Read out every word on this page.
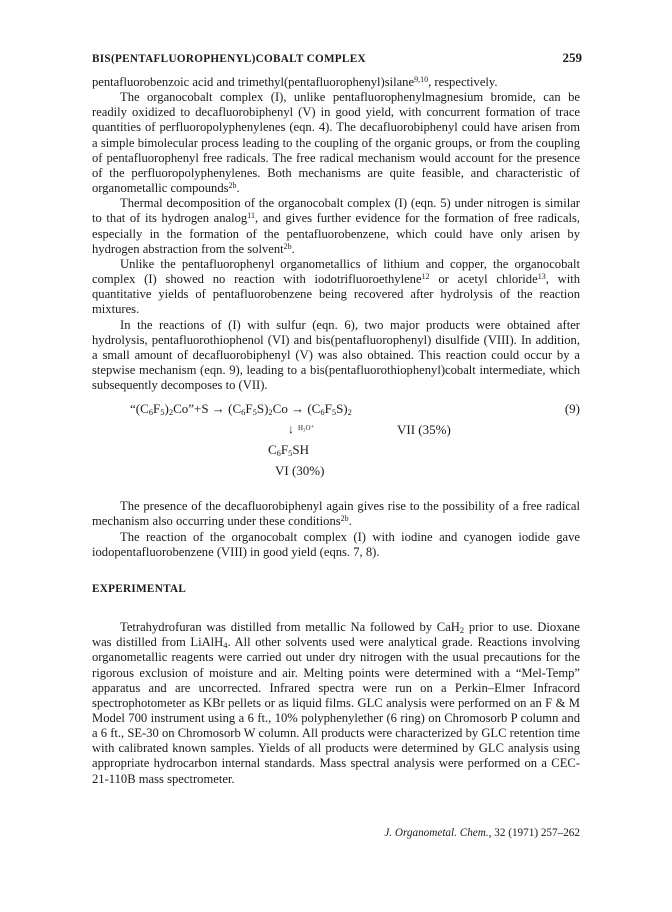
BIS(PENTAFLUOROPHENYL)COBALT COMPLEX	259

pentafluorobenzoic acid and trimethyl(pentafluorophenyl)silane$^{9,10}$, respectively.

The organocobalt complex (I), unlike pentafluorophenylmagnesium bromide, can be readily oxidized to decafluorobiphenyl (V) in good yield, with concurrent formation of trace quantities of perfluoropolyphenylenes (eqn. 4). The decafluorobiphenyl could have arisen from a simple bimolecular process leading to the coupling of the organic groups, or from the coupling of pentafluorophenyl free radicals. The free radical mechanism would account for the presence of the perfluoropolyphenylenes. Both mechanisms are quite feasible, and characteristic of organometallic compounds$^{2b}$.

Thermal decomposition of the organocobalt complex (I) (eqn. 5) under nitrogen is similar to that of its hydrogen analog$^{11}$, and gives further evidence for the formation of free radicals, especially in the formation of the pentafluorobenzene, which could have only arisen by hydrogen abstraction from the solvent$^{2b}$.

Unlike the pentafluorophenyl organometallics of lithium and copper, the organocobalt complex (I) showed no reaction with iodotrifluoroethylene$^{12}$ or acetyl chloride$^{13}$, with quantitative yields of pentafluorobenzene being recovered after hydrolysis of the reaction mixtures.

In the reactions of (I) with sulfur (eqn. 6), two major products were obtained after hydrolysis, pentafluorothiophenol (VI) and bis(pentafluorophenyl) disulfide (VIII). In addition, a small amount of decafluorobiphenyl (V) was also obtained. This reaction could occur by a stepwise mechanism (eqn. 9), leading to a bis(pentafluorothiophenyl)cobalt intermediate, which subsequently decomposes to (VII).

“$(C_6F_5)_2Co”+S \to (C_6F_5S)_2Co \to (C_6F_5S)_2$	(9)
↓ $^{H_3O^+}$	VII (35%)
$C_6F_5SH$
VI (30%)

The presence of the decafluorobiphenyl again gives rise to the possibility of a free radical mechanism also occurring under these conditions$^{2b}$.

The reaction of the organocobalt complex (I) with iodine and cyanogen iodide gave iodopentafluorobenzene (VIII) in good yield (eqns. 7, 8).

EXPERIMENTAL

Tetrahydrofuran was distilled from metallic Na followed by CaH$_2$ prior to use. Dioxane was distilled from LiAlH$_4$. All other solvents used were analytical grade. Reactions involving organometallic reagents were carried out under dry nitrogen with the usual precautions for the rigorous exclusion of moisture and air. Melting points were determined with a “Mel-Temp” apparatus and are uncorrected. Infrared spectra were run on a Perkin–Elmer Infracord spectrophotometer as KBr pellets or as liquid films. GLC analysis were performed on an F & M Model 700 instrument using a 6 ft., 10% polyphenylether (6 ring) on Chromosorb P column and a 6 ft., SE-30 on Chromosorb W column. All products were characterized by GLC retention time with calibrated known samples. Yields of all products were determined by GLC analysis using appropriate hydrocarbon internal standards. Mass spectral analysis were performed on a CEC-21-110B mass spectrometer.

J. Organometal. Chem., 32 (1971) 257–262
